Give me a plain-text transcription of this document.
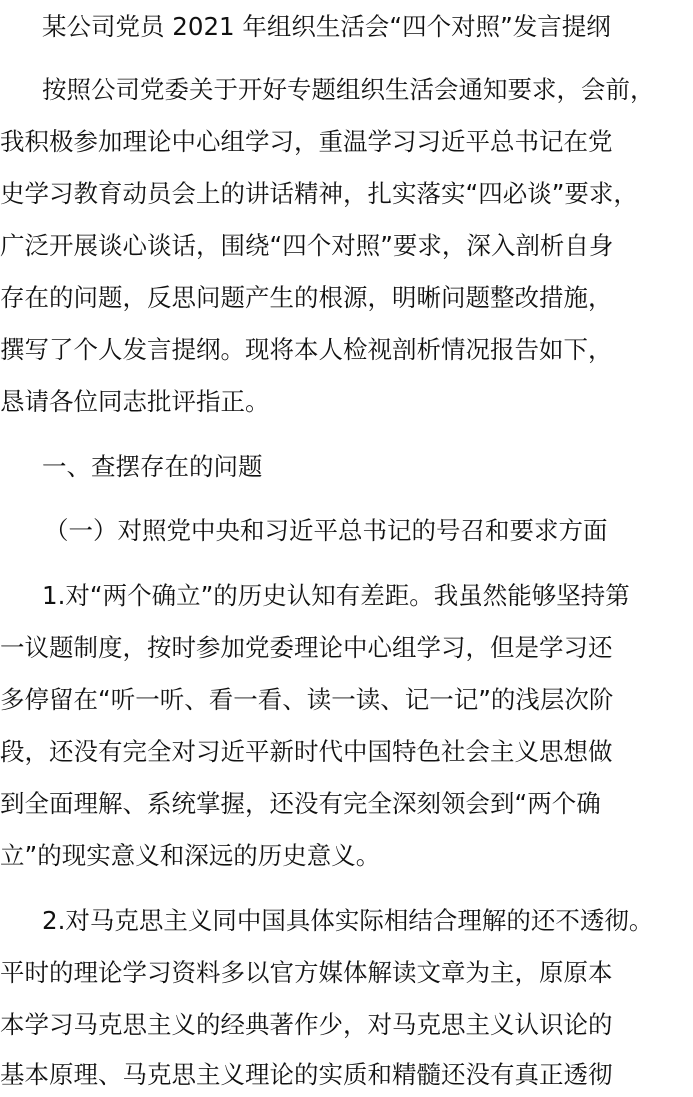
某公司党员 2021 年组织生活会“四个对照”发言提纲

按照公司党委关于开好专题组织生活会通知要求，会前，

我积极参加理论中心组学习，重温学习习近平总书记在党

史学习教育动员会上的讲话精神，扎实落实“四必谈”要求，

广泛开展谈心谈话，围绕“四个对照”要求，深入剖析自身

存在的问题，反思问题产生的根源，明晰问题整改措施，

撰写了个人发言提纲。现将本人检视剖析情况报告如下，

恳请各位同志批评指正。

一、查摆存在的问题

（一）对照党中央和习近平总书记的号召和要求方面

1.对“两个确立”的历史认知有差距。我虽然能够坚持第

一议题制度，按时参加党委理论中心组学习，但是学习还

多停留在“听一听、看一看、读一读、记一记”的浅层次阶

段，还没有完全对习近平新时代中国特色社会主义思想做

到全面理解、系统掌握，还没有完全深刻领会到“两个确

立”的现实意义和深远的历史意义。

2.对马克思主义同中国具体实际相结合理解的还不透彻。

平时的理论学习资料多以官方媒体解读文章为主，原原本

本学习马克思主义的经典著作少，对马克思主义认识论的

基本原理、马克思主义理论的实质和精髓还没有真正透彻
